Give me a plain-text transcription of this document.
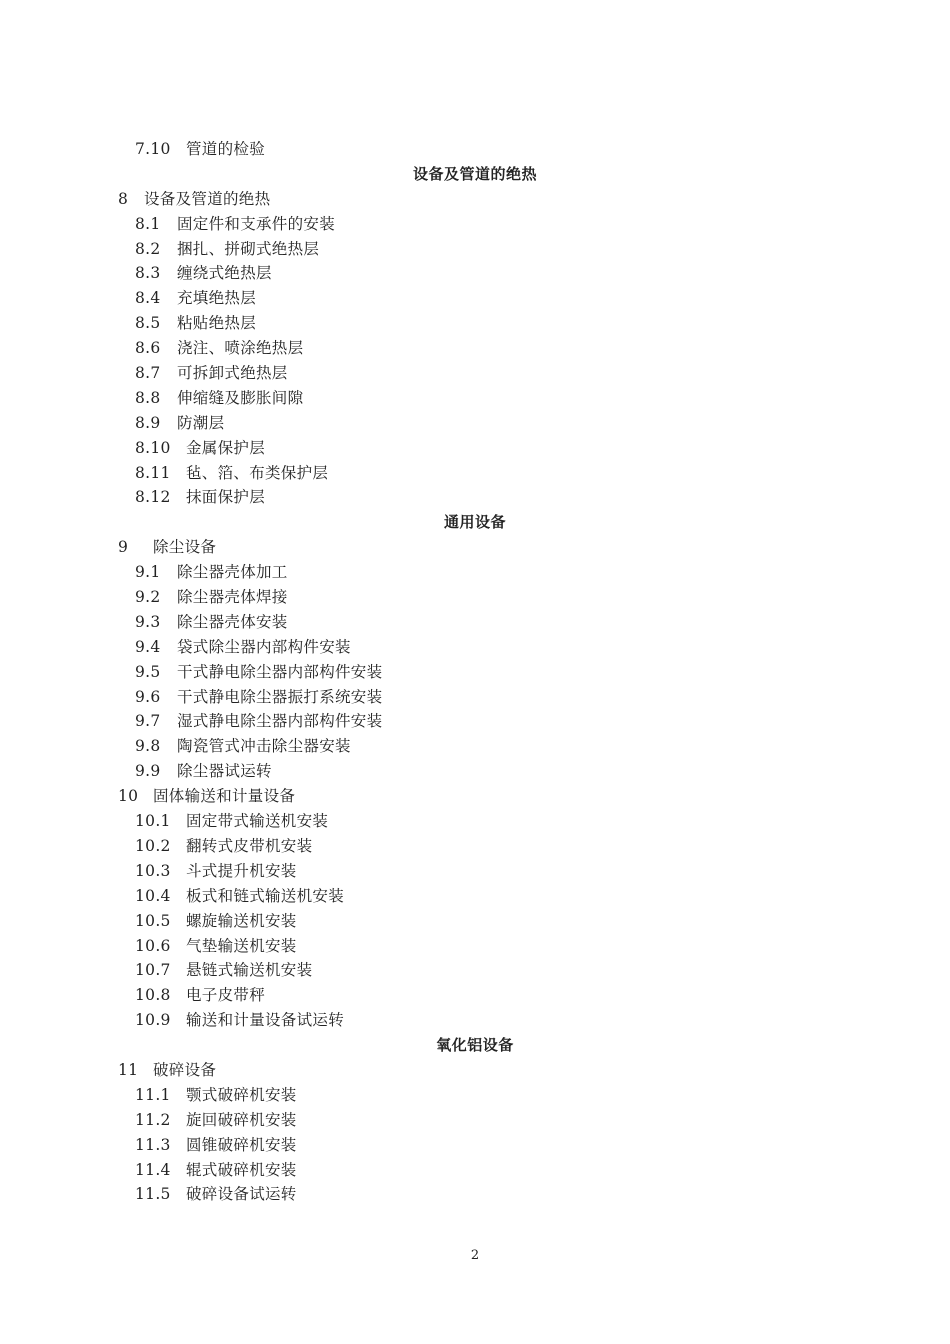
7.10 管道的检验
设备及管道的绝热
8 设备及管道的绝热
8.1 固定件和支承件的安装
8.2 捆扎、拼砌式绝热层
8.3 缠绕式绝热层
8.4 充填绝热层
8.5 粘贴绝热层
8.6 浇注、喷涂绝热层
8.7 可拆卸式绝热层
8.8 伸缩缝及膨胀间隙
8.9 防潮层
8.10 金属保护层
8.11 毡、箔、布类保护层
8.12 抹面保护层
通用设备
9 除尘设备
9.1 除尘器壳体加工
9.2 除尘器壳体焊接
9.3 除尘器壳体安装
9.4 袋式除尘器内部构件安装
9.5 干式静电除尘器内部构件安装
9.6 干式静电除尘器振打系统安装
9.7 湿式静电除尘器内部构件安装
9.8 陶瓷管式冲击除尘器安装
9.9 除尘器试运转
10 固体输送和计量设备
10.1 固定带式输送机安装
10.2 翻转式皮带机安装
10.3 斗式提升机安装
10.4 板式和链式输送机安装
10.5 螺旋输送机安装
10.6 气垫输送机安装
10.7 悬链式输送机安装
10.8 电子皮带秤
10.9 输送和计量设备试运转
氧化铝设备
11 破碎设备
11.1 颚式破碎机安装
11.2 旋回破碎机安装
11.3 圆锥破碎机安装
11.4 辊式破碎机安装
11.5 破碎设备试运转
2
